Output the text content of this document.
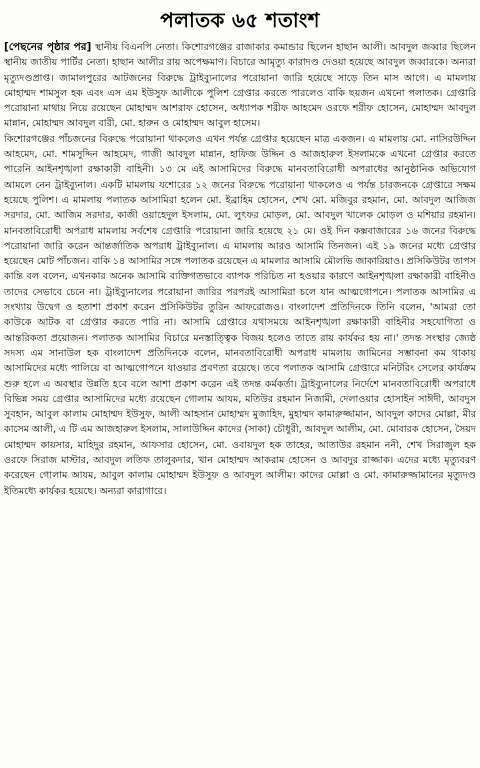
পলাতক ৬৫ শতাংশ

[পেছনের পৃষ্ঠার পর] স্থানীয় বিএনপি নেতা। কিশোরগঞ্জের রাজাকার কমান্ডার ছিলেন হাছান আলী। আবদুল জব্বার ছিলেন স্থানীয় জাতীয় পার্টির নেতা। হাছান আলীর রায় অপেক্ষমাণ। বিচারে আমৃত্যু কারাদণ্ড দেওয়া হয়েছে আবদুল জব্বারকে। অন্যরা মৃত্যুদণ্ডপ্রাপ্ত। জামালপুরের আটজনের বিরুদ্ধে ট্রাইব্যুনালের পরোয়ানা জারি হয়েছে সাড়ে তিন মাস আগে। এ মামলায় মোহাম্মদ শামসুল হক এবং এস এম ইউসুফ আলীকে পুলিশ গ্রেপ্তার করতে পারলেও বাকি ছয়জন এখনো পলাতক। গ্রেপ্তারি পরোয়ানা মাথায় নিয়ে রয়েছেন মোহাম্মদ আশরাফ হোসেন, অধ্যাপক শরীফ আহমেদ ওরফে শরীফ হোসেন, মোহাম্মদ আবদুল মান্নান, মোহাম্মদ আবদুল বারী, মো. হারুন ও মোহাম্মদ আবুল হাসেম।

কিশোরগঞ্জের পাঁচজনের বিরুদ্ধে পরোয়ানা থাকলেও এখন পর্যন্ত গ্রেপ্তার হয়েছেন মাত্র একজন। এ মামলায় মো. নাসিরউদ্দিন আহমেদ, মো. শামসুদ্দিন আহমেদ, গাজী আবদুল মান্নান, হাফিজ উদ্দিন ও আজহারুল ইসলামকে এখনো গ্রেপ্তার করতে পারেনি আইনশৃঙ্খলা রক্ষাকারী বাহিনী। ১৩ মে এই আসামিদের বিরুদ্ধে মানবতাবিরোধী অপরাধের আনুষ্ঠানিক অভিযোগ আমলে নেন ট্রাইব্যুনাল। একটি মামলায় যশোরের ১২ জনের বিরুদ্ধে পরোয়ানা থাকলেও এ পর্যন্ত চারজনকে গ্রেপ্তারে সক্ষম হয়েছে পুলিশ। এ মামলায় পলাতক আসামিরা হলেন মো. ইব্রাহিম হোসেন, শেখ মো. মজিবুর রহমান, মো. আবদুল আজিজ সরদার, মো. আজিম সরদার, কাজী ওয়াহেদুল ইসলাম, মো. লুৎফর মোড়ল, মো. আবদুল খালেক মোড়ল ও মশিয়ার রহমান। মানবতাবিরোধী অপরাধ মামলায় সর্বশেষ গ্রেপ্তারি পরোয়ানা জারি হয়েছে ২১ মে। ওই দিন কক্সবাজারের ১৬ জনের বিরুদ্ধে পরোয়ানা জারি করেন আন্তর্জাতিক অপরাধ ট্রাইব্যুনাল। এ মামলায় আরও আসামি তিনজন। এই ১৯ জনের মধ্যে গ্রেপ্তার হয়েছেন মোট পাঁচজন। বাকি ১৪ আসামির সঙ্গে পলাতক রয়েছেন এ মামলার আসামি মৌলভি জাকারিয়াও। প্রসিকিউটর তাপস কান্তি বল বলেন, এখনকার অনেক আসামি ব্যক্তিগতভাবে ব্যাপক পরিচিত না হওয়ার কারণে আইনশৃঙ্খলা রক্ষাকারী বাহিনীও তাদের সেভাবে চেনে না। ট্রাইব্যুনালের পরোয়ানা জারির পরপরই আসামিরা চলে যান আত্মগোপনে। পলাতক আসামির এ সংখ্যায় উদ্বেগ ও হতাশা প্রকাশ করেন প্রসিকিউটর তুরিন আফরোজও। বাংলাদেশ প্রতিদিনকে তিনি বলেন, 'আমরা তো কাউকে আটক বা গ্রেপ্তার করতে পারি না। আসামি গ্রেপ্তারে যথাসময়ে আইনশৃঙ্খলা রক্ষাকারী বাহিনীর সহযোগিতা ও আন্তরিকতা প্রয়োজন। পলাতক আসামির বিচারে মনস্তাত্ত্বিক বিজয় হলেও তাতে রায় কার্যকর হয় না।' তদন্ত সংস্থার জ্যেষ্ঠ সদস্য এম সানাউল হক বাংলাদেশ প্রতিদিনকে বলেন, মানবতাবিরোধী অপরাধ মামলায় জামিনের সম্ভাবনা কম থাকায় আসামিদের মধ্যে পালিয়ে বা আত্মগোপনে যাওয়ার প্রবণতা রয়েছে। তবে পলাতক আসামি গ্রেপ্তারে মনিটরিং সেলের কার্যক্রম শুরু হলে এ অবস্থার উন্নতি হবে বলে আশা প্রকাশ করেন এই তদন্ত কর্মকর্তা। ট্রাইব্যুনালের নির্দেশে মানবতাবিরোধী অপরাধে বিভিন্ন সময় গ্রেপ্তার আসামিদের মধ্যে রয়েছেন গোলাম আযম, মতিউর রহমান নিজামী, দেলাওয়ার হোসাইন সাঈদী, আবদুস সুবহান, আবুল কালাম মোহাম্মদ ইউসুফ, আলী আহসান মোহাম্মদ মুজাহিদ, মুহাম্মদ কামারুজ্জামান, আবদুল কাদের মোল্লা, মীর কাসেম আলী, এ টি এম আজহারুল ইসলাম, সালাউদ্দিন কাদের (সাকা) চৌধুরী, আবদুল আলীম, মো. মোবারক হোসেন, সৈয়দ মোহাম্মদ কায়সার, মাহিদুর রহমান, আফসার হোসেন, মো. ওবায়দুল হক তাহের, আতাউর রহমান ননী, শেখ সিরাজুল হক ওরফে সিরাজ মাস্টার, আবদুল লতিফ তালুকদার, খান মোহাম্মদ আকরাম হোসেন ও আবদুর রাজ্জাক। এদের মধ্যে মৃত্যুবরণ করেছেন গোলাম আযম, আবুল কালাম মোহাম্মদ ইউসুফ ও আবদুল আলীম। কাদের মোল্লা ও মো. কামারুজ্জামানের মৃত্যুদণ্ড ইতিমধ্যে কার্যকর হয়েছে। অন্যরা কারাগারে।
